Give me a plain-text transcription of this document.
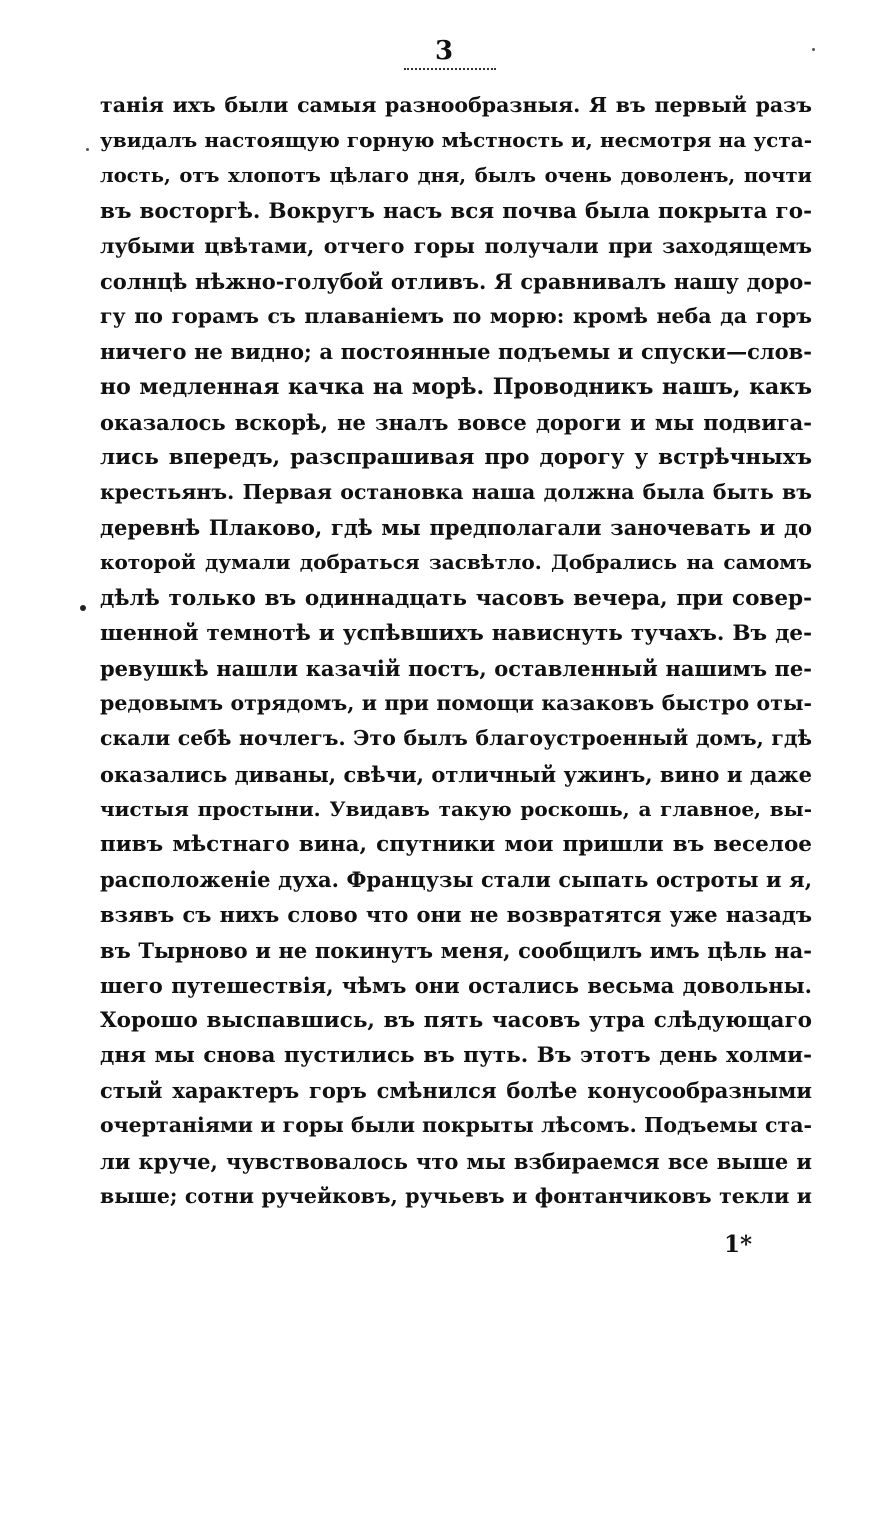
3
танія ихъ были самыя разнообразныя. Я въ первый разъ
увидалъ настоящую горную мѣстность и, несмотря на уста-
лость, отъ хлопотъ цѣлаго дня, былъ очень доволенъ, почти
въ восторгѣ. Вокругъ насъ вся почва была покрыта го-
лубыми цвѣтами, отчего горы получали при заходящемъ
солнцѣ нѣжно-голубой отливъ. Я сравнивалъ нашу доро-
гу по горамъ съ плаваніемъ по морю: кромѣ неба да горъ
ничего не видно; а постоянные подъемы и спуски—слов-
но медленная качка на морѣ. Проводникъ нашъ, какъ
оказалось вскорѣ, не зналъ вовсе дороги и мы подвига-
лись впередъ, разспрашивая про дорогу у встрѣчныхъ
крестьянъ. Первая остановка наша должна была быть въ
деревнѣ Плаково, гдѣ мы предполагали заночевать и до
которой думали добраться засвѣтло. Добрались на самомъ
дѣлѣ только въ одиннадцать часовъ вечера, при совер-
шенной темнотѣ и успѣвшихъ нависнуть тучахъ. Въ де-
ревушкѣ нашли казачій постъ, оставленный нашимъ пе-
редовымъ отрядомъ, и при помощи казаковъ быстро оты-
скали себѣ ночлегъ. Это былъ благоустроенный домъ, гдѣ
оказались диваны, свѣчи, отличный ужинъ, вино и даже
чистыя простыни. Увидавъ такую роскошь, а главное, вы-
пивъ мѣстнаго вина, спутники мои пришли въ веселое
расположеніе духа. Французы стали сыпать остроты и я,
взявъ съ нихъ слово что они не возвратятся уже назадъ
въ Тырново и не покинутъ меня, сообщилъ имъ цѣль на-
шего путешествія, чѣмъ они остались весьма довольны.
Хорошо выспавшись, въ пять часовъ утра слѣдующаго
дня мы снова пустились въ путь. Въ этотъ день холми-
стый характеръ горъ смѣнился болѣе конусообразными
очертаніями и горы были покрыты лѣсомъ. Подъемы ста-
ли круче, чувствовалось что мы взбираемся все выше и
выше; сотни ручейковъ, ручьевъ и фонтанчиковъ текли и
1*
